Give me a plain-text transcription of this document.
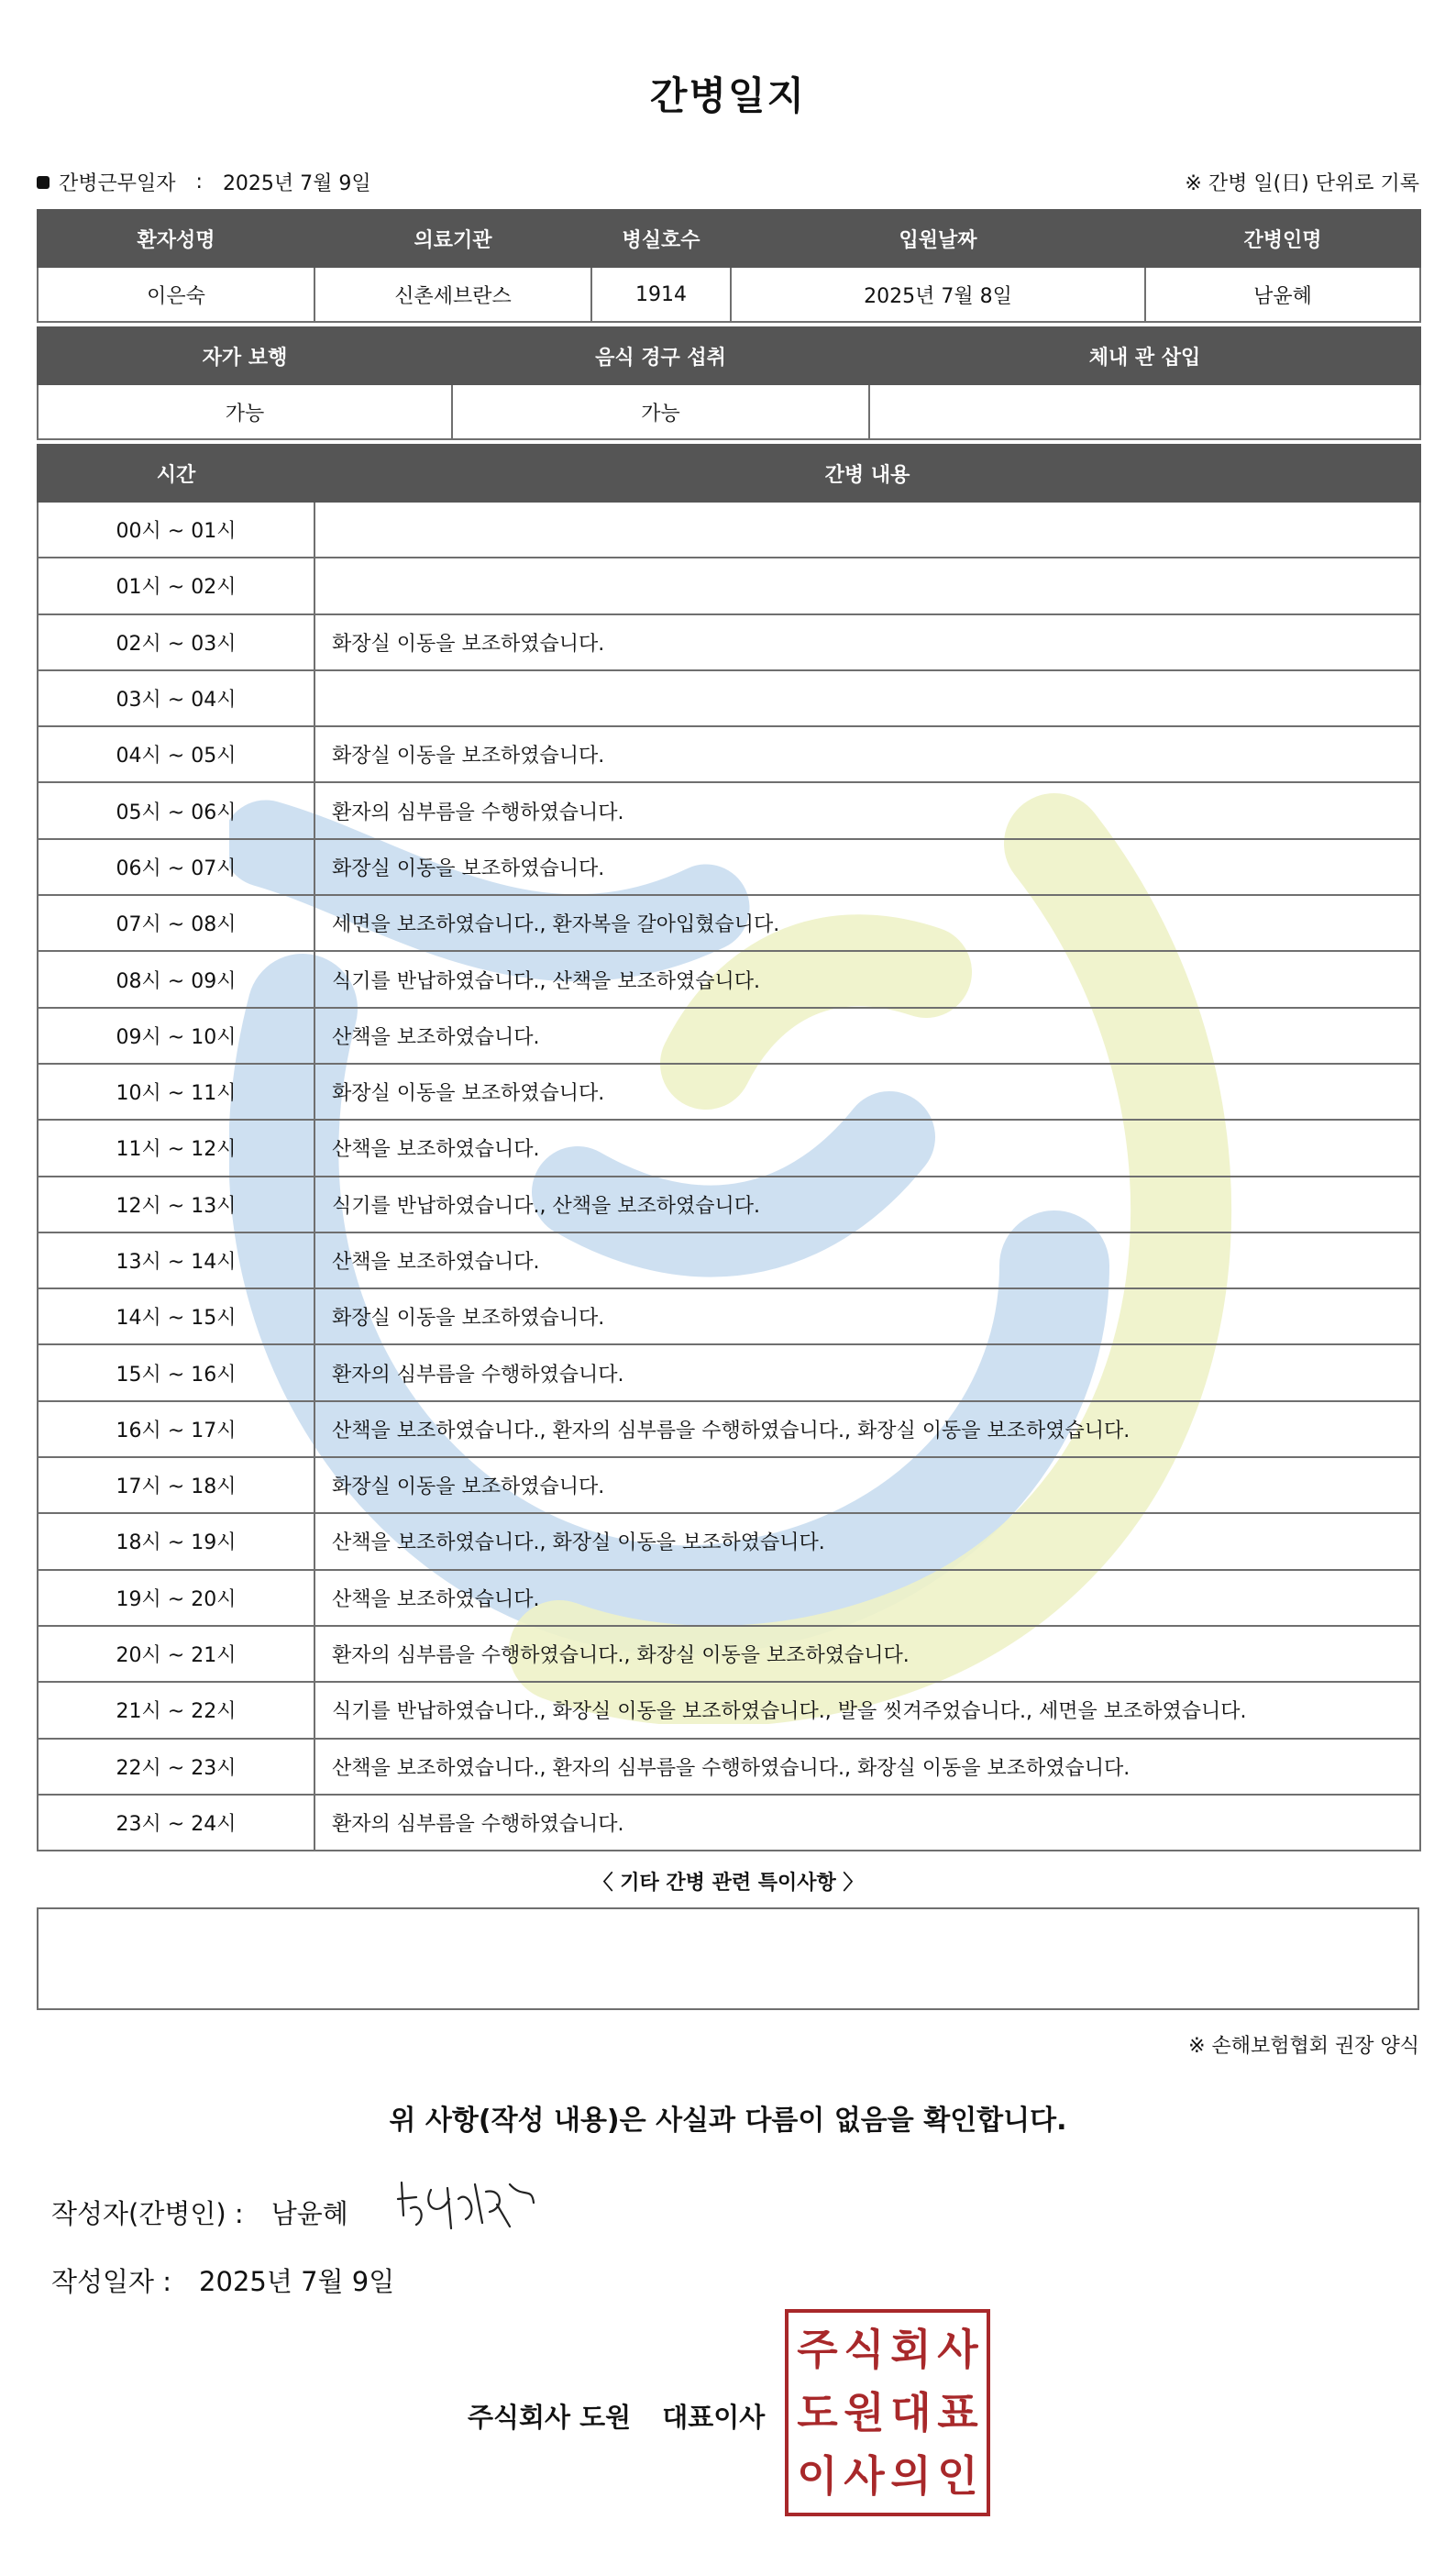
간병일지
간병근무일자 : 2025년 7월 9일	※ 간병 일(日) 단위로 기록
환자성명	의료기관	병실호수	입원날짜	간병인명
이은숙	신촌세브란스	1914	2025년 7월 8일	남윤혜
자가 보행	음식 경구 섭취	체내 관 삽입
가능	가능	
시간	간병 내용
00시 ~ 01시	
01시 ~ 02시	
02시 ~ 03시	화장실 이동을 보조하였습니다.
03시 ~ 04시	
04시 ~ 05시	화장실 이동을 보조하였습니다.
05시 ~ 06시	환자의 심부름을 수행하였습니다.
06시 ~ 07시	화장실 이동을 보조하였습니다.
07시 ~ 08시	세면을 보조하였습니다., 환자복을 갈아입혔습니다.
08시 ~ 09시	식기를 반납하였습니다., 산책을 보조하였습니다.
09시 ~ 10시	산책을 보조하였습니다.
10시 ~ 11시	화장실 이동을 보조하였습니다.
11시 ~ 12시	산책을 보조하였습니다.
12시 ~ 13시	식기를 반납하였습니다., 산책을 보조하였습니다.
13시 ~ 14시	산책을 보조하였습니다.
14시 ~ 15시	화장실 이동을 보조하였습니다.
15시 ~ 16시	환자의 심부름을 수행하였습니다.
16시 ~ 17시	산책을 보조하였습니다., 환자의 심부름을 수행하였습니다., 화장실 이동을 보조하였습니다.
17시 ~ 18시	화장실 이동을 보조하였습니다.
18시 ~ 19시	산책을 보조하였습니다., 화장실 이동을 보조하였습니다.
19시 ~ 20시	산책을 보조하였습니다.
20시 ~ 21시	환자의 심부름을 수행하였습니다., 화장실 이동을 보조하였습니다.
21시 ~ 22시	식기를 반납하였습니다., 화장실 이동을 보조하였습니다., 발을 씻겨주었습니다., 세면을 보조하였습니다.
22시 ~ 23시	산책을 보조하였습니다., 환자의 심부름을 수행하였습니다., 화장실 이동을 보조하였습니다.
23시 ~ 24시	환자의 심부름을 수행하였습니다.
〈 기타 간병 관련 특이사항 〉
※ 손해보험협회 권장 양식
위 사항(작성 내용)은 사실과 다름이 없음을 확인합니다.
작성자(간병인) : 남윤혜
작성일자 : 2025년 7월 9일
주식회사 도원 대표이사
주 식 회 사
도 원 대 표
이 사 의 인
